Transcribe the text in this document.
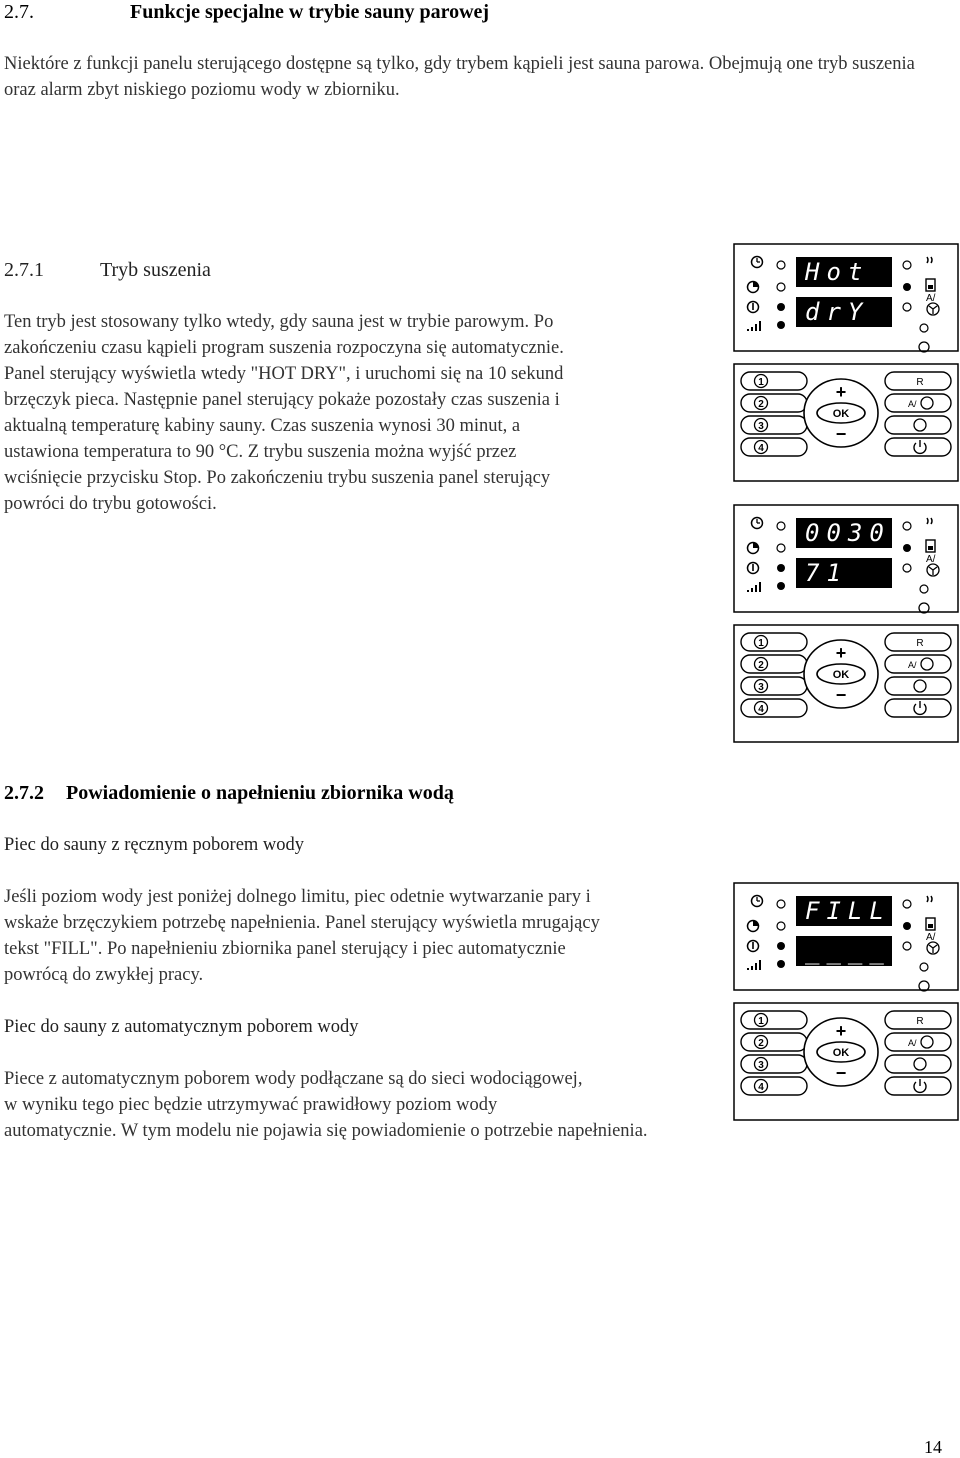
2.7.	Funkcje specjalne w trybie sauny parowej

Niektóre z funkcji panelu sterującego dostępne są tylko, gdy trybem kąpieli jest sauna parowa. Obejmują one tryb suszenia oraz alarm zbyt niskiego poziomu wody w zbiorniku.

2.7.1	Tryb suszenia
Ten tryb jest stosowany tylko wtedy, gdy sauna jest w trybie parowym. Po
zakończeniu czasu kąpieli program suszenia rozpoczyna się automatycznie.
Panel sterujący wyświetla wtedy "HOT DRY", i uruchomi się na 10 sekund
brzęczyk pieca. Następnie panel sterujący pokaże pozostały czas suszenia i
aktualną temperaturę kabiny sauny. Czas suszenia wynosi 30 minut, a
ustawiona temperatura to 90 °C. Z trybu suszenia można wyjść przez
wciśnięcie przycisku Stop. Po zakończeniu trybu suszenia panel sterujący
powróci do trybu gotowości.
2.7.2 Powiadomienie o napełnieniu zbiornika wodą
Piec do sauny z ręcznym poborem wody
Jeśli poziom wody jest poniżej dolnego limitu, piec odetnie wytwarzanie pary i
wskaże brzęczykiem potrzebę napełnienia. Panel sterujący wyświetla mrugający
tekst "FILL". Po napełnieniu zbiornika panel sterujący i piec automatycznie
powrócą do zwykłej pracy.
Piec do sauny z automatycznym poborem wody
Piece z automatycznym poborem wody podłączane są do sieci wodociągowej,
w wyniku tego piec będzie utrzymywać prawidłowy poziom wody
automatycznie. W tym modelu nie pojawia się powiadomienie o potrzebie napełnienia.
14
Hot
drY	A/
1
2
3
4
+
OK
−
R
A/
0030
71	A/
1
2
3
4
+
OK
−
R
A/
FILL
____	A/
1
2
3
4
+
OK
−
R
A/
